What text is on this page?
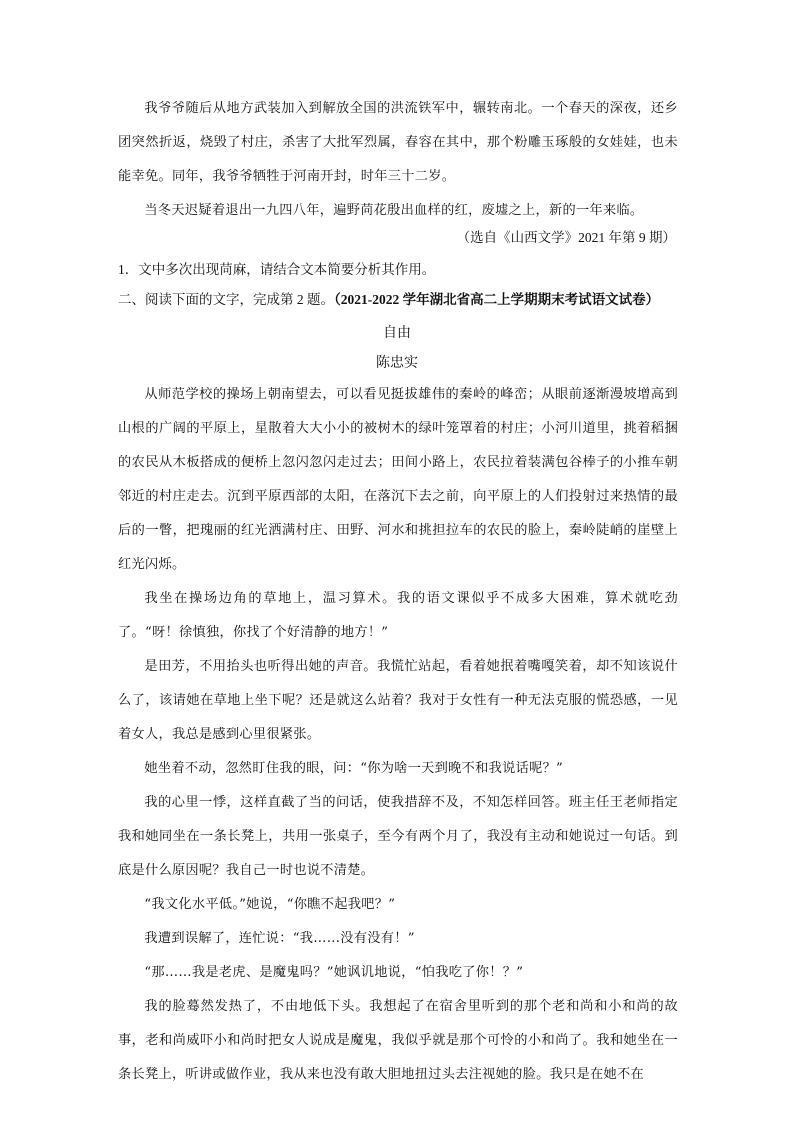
我爷爷随后从地方武装加入到解放全国的洪流铁军中，辗转南北。一个春天的深夜，还乡团突然折返，烧毁了村庄，杀害了大批军烈属，春容在其中，那个粉雕玉琢般的女娃娃，也未能幸免。同年，我爷爷牺牲于河南开封，时年三十二岁。

当冬天迟疑着退出一九四八年，遍野苘花殷出血样的红，废墟之上，新的一年来临。

（选自《山西文学》2021 年第 9 期）
1．文中多次出现苘麻，请结合文本简要分析其作用。
二、阅读下面的文字，完成第 2 题。（2021-2022 学年湖北省高二上学期期末考试语文试卷）
自由
陈忠实

从师范学校的操场上朝南望去，可以看见挺拔雄伟的秦岭的峰峦；从眼前逐渐漫坡增高到山根的广阔的平原上，星散着大大小小的被树木的绿叶笼罩着的村庄；小河川道里，挑着稻捆的农民从木板搭成的便桥上忽闪忽闪走过去；田间小路上，农民拉着装满包谷棒子的小推车朝邻近的村庄走去。沉到平原西部的太阳，在落沉下去之前，向平原上的人们投射过来热情的最后的一瞥，把瑰丽的红光洒满村庄、田野、河水和挑担拉车的农民的脸上，秦岭陡峭的崖壁上红光闪烁。

我坐在操场边角的草地上，温习算术。我的语文课似乎不成多大困难，算术就吃劲了。“呀！徐慎独，你找了个好清静的地方！”

是田芳，不用抬头也听得出她的声音。我慌忙站起，看着她抿着嘴嘎笑着，却不知该说什么了，该请她在草地上坐下呢？还是就这么站着？我对于女性有一种无法克服的慌恐感，一见着女人，我总是感到心里很紧张。

她坐着不动，忽然盯住我的眼，问：“你为啥一天到晚不和我说话呢？”

我的心里一悸，这样直截了当的问话，使我措辞不及，不知怎样回答。班主任王老师指定我和她同坐在一条长凳上，共用一张桌子，至今有两个月了，我没有主动和她说过一句话。到底是什么原因呢？我自己一时也说不清楚。

“我文化水平低。”她说，“你瞧不起我吧？”

我遭到误解了，连忙说：“我……没有没有！”

“那……我是老虎、是魔鬼吗？”她讽讥地说，“怕我吃了你！？”

我的脸蓦然发热了，不由地低下头。我想起了在宿舍里听到的那个老和尚和小和尚的故事，老和尚威吓小和尚时把女人说成是魔鬼，我似乎就是那个可怜的小和尚了。我和她坐在一条长凳上，听讲或做作业，我从来也没有敢大胆地扭过头去注视她的脸。我只是在她不在
